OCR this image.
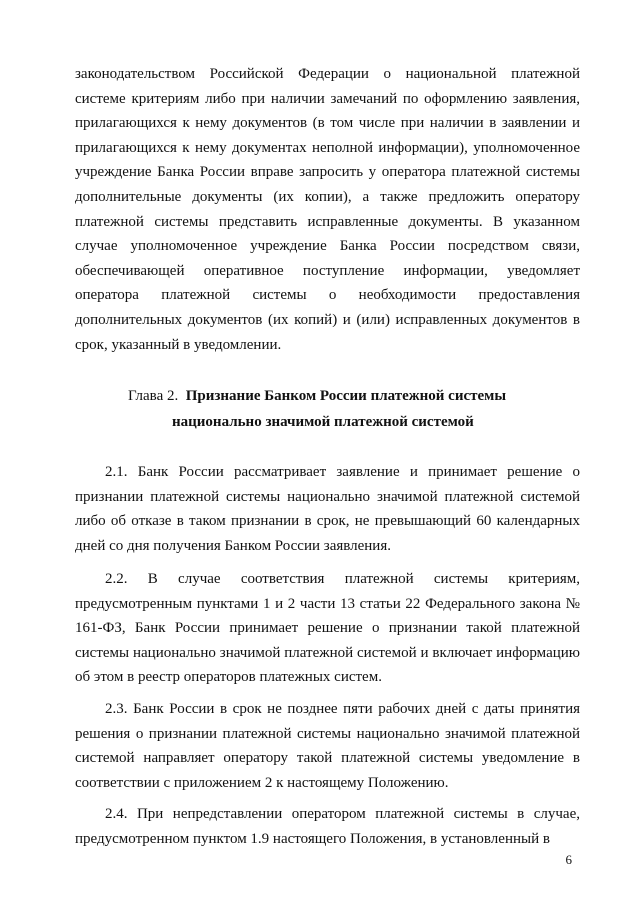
законодательством Российской Федерации о национальной платежной системе критериям либо при наличии замечаний по оформлению заявления, прилагающихся к нему документов (в том числе при наличии в заявлении и прилагающихся к нему документах неполной информации), уполномоченное учреждение Банка России вправе запросить у оператора платежной системы дополнительные документы (их копии), а также предложить оператору платежной системы представить исправленные документы. В указанном случае уполномоченное учреждение Банка России посредством связи, обеспечивающей оперативное поступление информации, уведомляет оператора платежной системы о необходимости предоставления дополнительных документов (их копий) и (или) исправленных документов в срок, указанный в уведомлении.

Глава 2. Признание Банком России платежной системы
национально значимой платежной системой

2.1. Банк России рассматривает заявление и принимает решение о признании платежной системы национально значимой платежной системой либо об отказе в таком признании в срок, не превышающий 60 календарных дней со дня получения Банком России заявления.

2.2. В случае соответствия платежной системы критериям, предусмотренным пунктами 1 и 2 части 13 статьи 22 Федерального закона № 161-ФЗ, Банк России принимает решение о признании такой платежной системы национально значимой платежной системой и включает информацию об этом в реестр операторов платежных систем.

2.3. Банк России в срок не позднее пяти рабочих дней с даты принятия решения о признании платежной системы национально значимой платежной системой направляет оператору такой платежной системы уведомление в соответствии с приложением 2 к настоящему Положению.

2.4. При непредставлении оператором платежной системы в случае, предусмотренном пунктом 1.9 настоящего Положения, в установленный в

6
